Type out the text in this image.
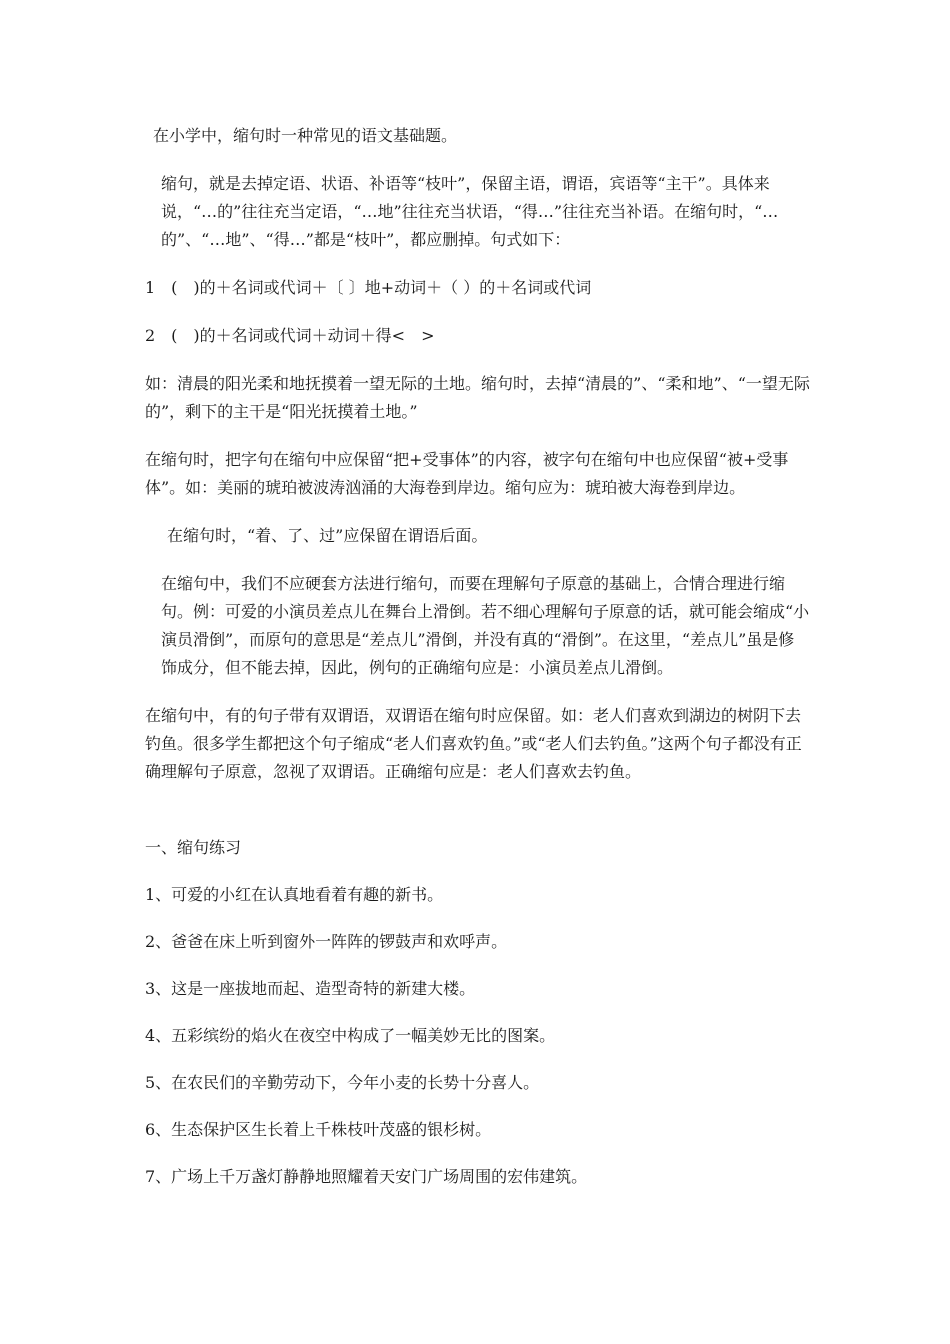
在小学中，缩句时一种常见的语文基础题。

缩句，就是去掉定语、状语、补语等“枝叶”，保留主语，谓语，宾语等“主干”。具体来说，“…的”往往充当定语，“…地”往往充当状语，“得…”往往充当补语。在缩句时，“…的”、“…地”、“得…”都是“枝叶”，都应删掉。句式如下：

1　(　)的＋名词或代词＋〔 〕地+动词＋（ ）的＋名词或代词

2　(　)的＋名词或代词＋动词＋得<　>

如：清晨的阳光柔和地抚摸着一望无际的土地。缩句时，去掉“清晨的”、“柔和地”、“一望无际的”，剩下的主干是“阳光抚摸着土地。”

在缩句时，把字句在缩句中应保留“把+受事体”的内容，被字句在缩句中也应保留“被+受事体”。如：美丽的琥珀被波涛汹涌的大海卷到岸边。缩句应为：琥珀被大海卷到岸边。

在缩句时，“着、了、过”应保留在谓语后面。

在缩句中，我们不应硬套方法进行缩句，而要在理解句子原意的基础上，合情合理进行缩句。例：可爱的小演员差点儿在舞台上滑倒。若不细心理解句子原意的话，就可能会缩成“小演员滑倒”，而原句的意思是“差点儿”滑倒，并没有真的“滑倒”。在这里，“差点儿”虽是修饰成分，但不能去掉，因此，例句的正确缩句应是：小演员差点儿滑倒。

在缩句中，有的句子带有双谓语，双谓语在缩句时应保留。如：老人们喜欢到湖边的树阴下去钓鱼。很多学生都把这个句子缩成“老人们喜欢钓鱼。”或“老人们去钓鱼。”这两个句子都没有正确理解句子原意，忽视了双谓语。正确缩句应是：老人们喜欢去钓鱼。

一、缩句练习

1、可爱的小红在认真地看着有趣的新书。

2、爸爸在床上听到窗外一阵阵的锣鼓声和欢呼声。

3、这是一座拔地而起、造型奇特的新建大楼。

4、五彩缤纷的焰火在夜空中构成了一幅美妙无比的图案。

5、在农民们的辛勤劳动下，今年小麦的长势十分喜人。

6、生态保护区生长着上千株枝叶茂盛的银杉树。

7、广场上千万盏灯静静地照耀着天安门广场周围的宏伟建筑。
